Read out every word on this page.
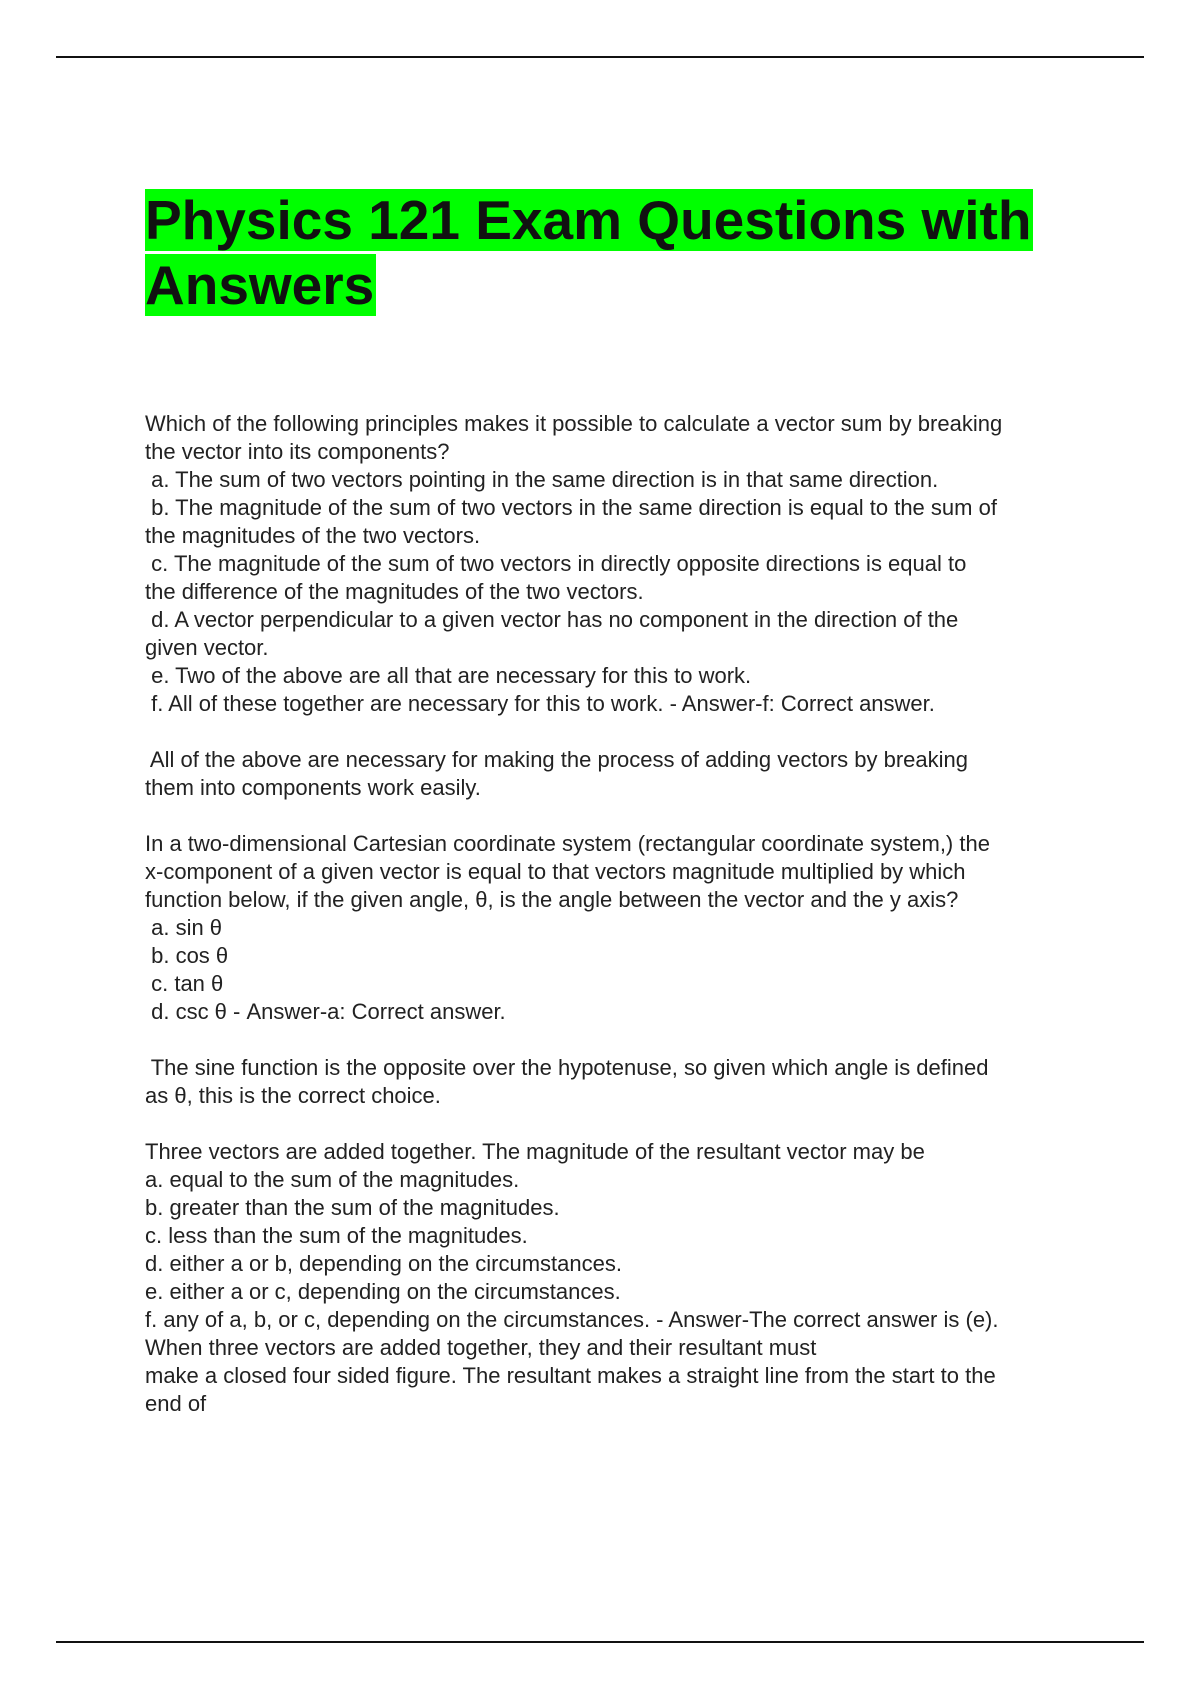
Physics 121 Exam Questions with Answers
Which of the following principles makes it possible to calculate a vector sum by breaking
the vector into its components?
a. The sum of two vectors pointing in the same direction is in that same direction.
b. The magnitude of the sum of two vectors in the same direction is equal to the sum of
the magnitudes of the two vectors.
c. The magnitude of the sum of two vectors in directly opposite directions is equal to
the difference of the magnitudes of the two vectors.
d. A vector perpendicular to a given vector has no component in the direction of the
given vector.
e. Two of the above are all that are necessary for this to work.
f. All of these together are necessary for this to work. - Answer-f: Correct answer.
All of the above are necessary for making the process of adding vectors by breaking
them into components work easily.
In a two-dimensional Cartesian coordinate system (rectangular coordinate system,) the
x-component of a given vector is equal to that vectors magnitude multiplied by which
function below, if the given angle, θ, is the angle between the vector and the y axis?
a. sin θ
b. cos θ
c. tan θ
d. csc θ - Answer-a: Correct answer.
The sine function is the opposite over the hypotenuse, so given which angle is defined
as θ, this is the correct choice.
Three vectors are added together. The magnitude of the resultant vector may be
a. equal to the sum of the magnitudes.
b. greater than the sum of the magnitudes.
c. less than the sum of the magnitudes.
d. either a or b, depending on the circumstances.
e. either a or c, depending on the circumstances.
f. any of a, b, or c, depending on the circumstances. - Answer-The correct answer is (e).
When three vectors are added together, they and their resultant must
make a closed four sided figure. The resultant makes a straight line from the start to the
end of
